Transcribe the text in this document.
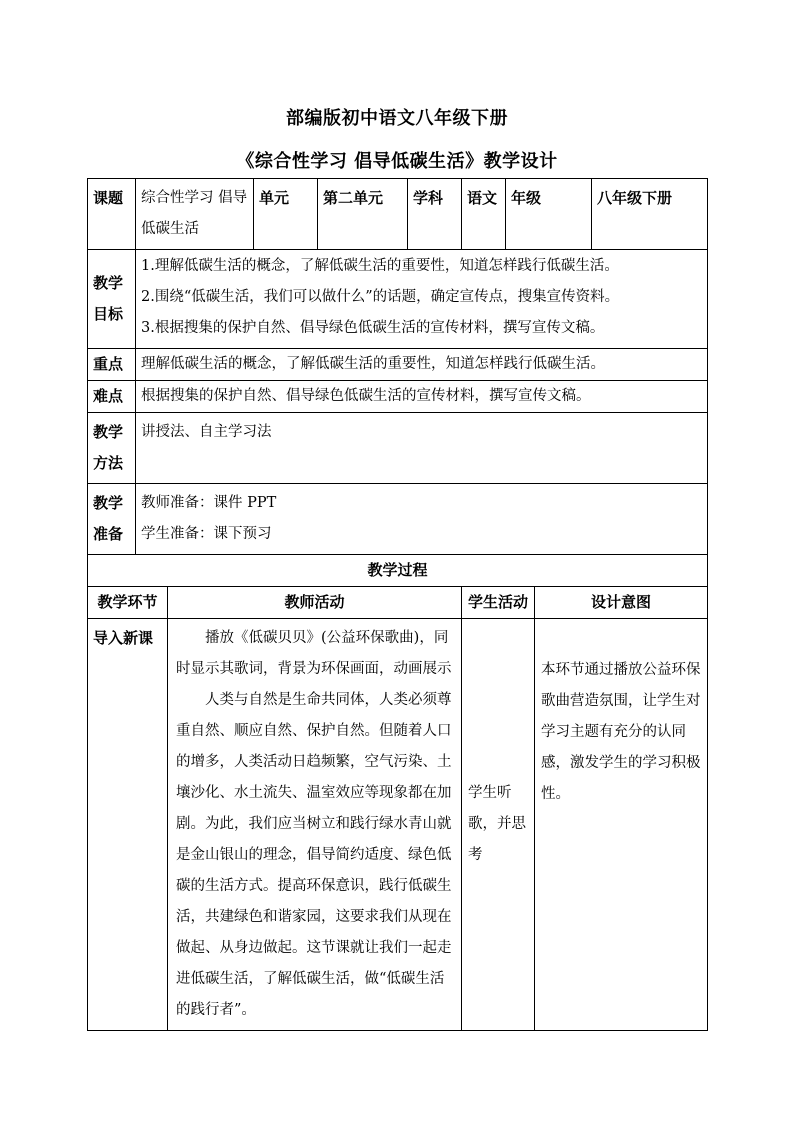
部编版初中语文八年级下册
《综合性学习 倡导低碳生活》教学设计
课题	综合性学习 倡导低碳生活		单元	第二单元	学科	语文	年级		八年级下册
教学目标	1.理解低碳生活的概念，了解低碳生活的重要性，知道怎样践行低碳生活。
2.围绕“低碳生活，我们可以做什么”的话题，确定宣传点，搜集宣传资料。
3.根据搜集的保护自然、倡导绿色低碳生活的宣传材料，撰写宣传文稿。								

重点	理解低碳生活的概念，了解低碳生活的重要性，知道怎样践行低碳生活。								
难点	根据搜集的保护自然、倡导绿色低碳生活的宣传材料，撰写宣传文稿。								
教学方法	讲授法、自主学习法								
教学准备	教师准备：课件 PPT
学生准备：课下预习								

教学过程									
教学环节		教师活动				学生活动		设计意图	
导入新课		播放《低碳贝贝》(公益环保歌曲)，同时显示其歌词，背景为环保画面，动画展示
人类与自然是生命共同体，人类必须尊重自然、顺应自然、保护自然。但随着人口的增多，人类活动日趋频繁，空气污染、土壤沙化、水土流失、温室效应等现象都在加剧。为此，我们应当树立和践行绿水青山就是金山银山的理念，倡导简约适度、绿色低碳的生活方式。提高环保意识，践行低碳生活，共建绿色和谐家园，这要求我们从现在做起、从身边做起。这节课就让我们一起走进低碳生活，了解低碳生活，做“低碳生活的践行者”。				学生听歌，并思考		本环节通过播放公益环保歌曲营造氛围，让学生对学习主题有充分的认同感，激发学生的学习积极性。	
